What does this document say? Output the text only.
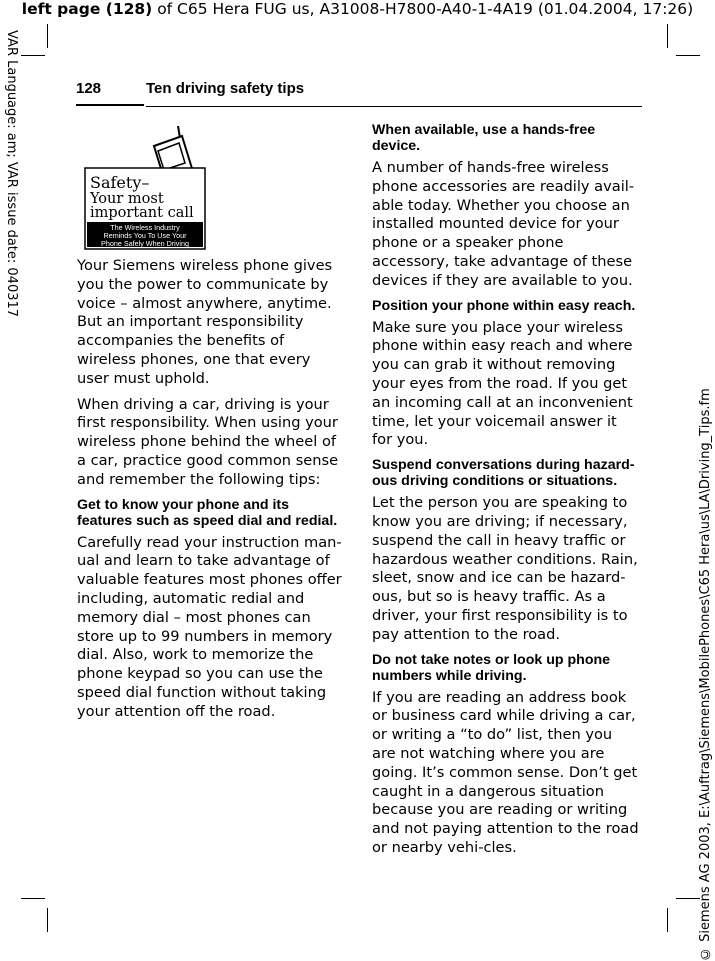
left page (128) of C65 Hera FUG us, A31008-H7800-A40-1-4A19 (01.04.2004, 17:26)
VAR Language: am; VAR issue date: 040317
© Siemens AG 2003, E:\Auftrag\Siemens\MobilePhones\C65 Hera\us\LA\Driving_Tips.fm
128	Ten driving safety tips
Safety–
Your most
important call
The Wireless Industry
Reminds You To Use Your
Phone Safely When Driving

Your Siemens wireless phone gives you the power to communicate by voice – almost anywhere, anytime. But an important responsibility accompanies the benefits of wireless phones, one that every user must uphold.

When driving a car, driving is your first responsibility. When using your wireless phone behind the wheel of a car, practice good common sense and remember the following tips:

Get to know your phone and its features such as speed dial and redial.

Carefully read your instruction man-ual and learn to take advantage of valuable features most phones offer including, automatic redial and memory dial – most phones can store up to 99 numbers in memory dial. Also, work to memorize the phone keypad so you can use the speed dial function without taking your attention off the road.

When available, use a hands-free device.

A number of hands-free wireless phone accessories are readily avail-able today. Whether you choose an installed mounted device for your phone or a speaker phone accessory, take advantage of these devices if they are available to you.

Position your phone within easy reach.

Make sure you place your wireless phone within easy reach and where you can grab it without removing your eyes from the road. If you get an incoming call at an inconvenient time, let your voicemail answer it for you.

Suspend conversations during hazard-ous driving conditions or situations.

Let the person you are speaking to know you are driving; if necessary, suspend the call in heavy traffic or hazardous weather conditions. Rain, sleet, snow and ice can be hazard-ous, but so is heavy traffic. As a driver, your first responsibility is to pay attention to the road.

Do not take notes or look up phone numbers while driving.

If you are reading an address book or business card while driving a car, or writing a “to do” list, then you are not watching where you are going. It’s common sense. Don’t get caught in a dangerous situation because you are reading or writing and not paying attention to the road or nearby vehi-cles.
